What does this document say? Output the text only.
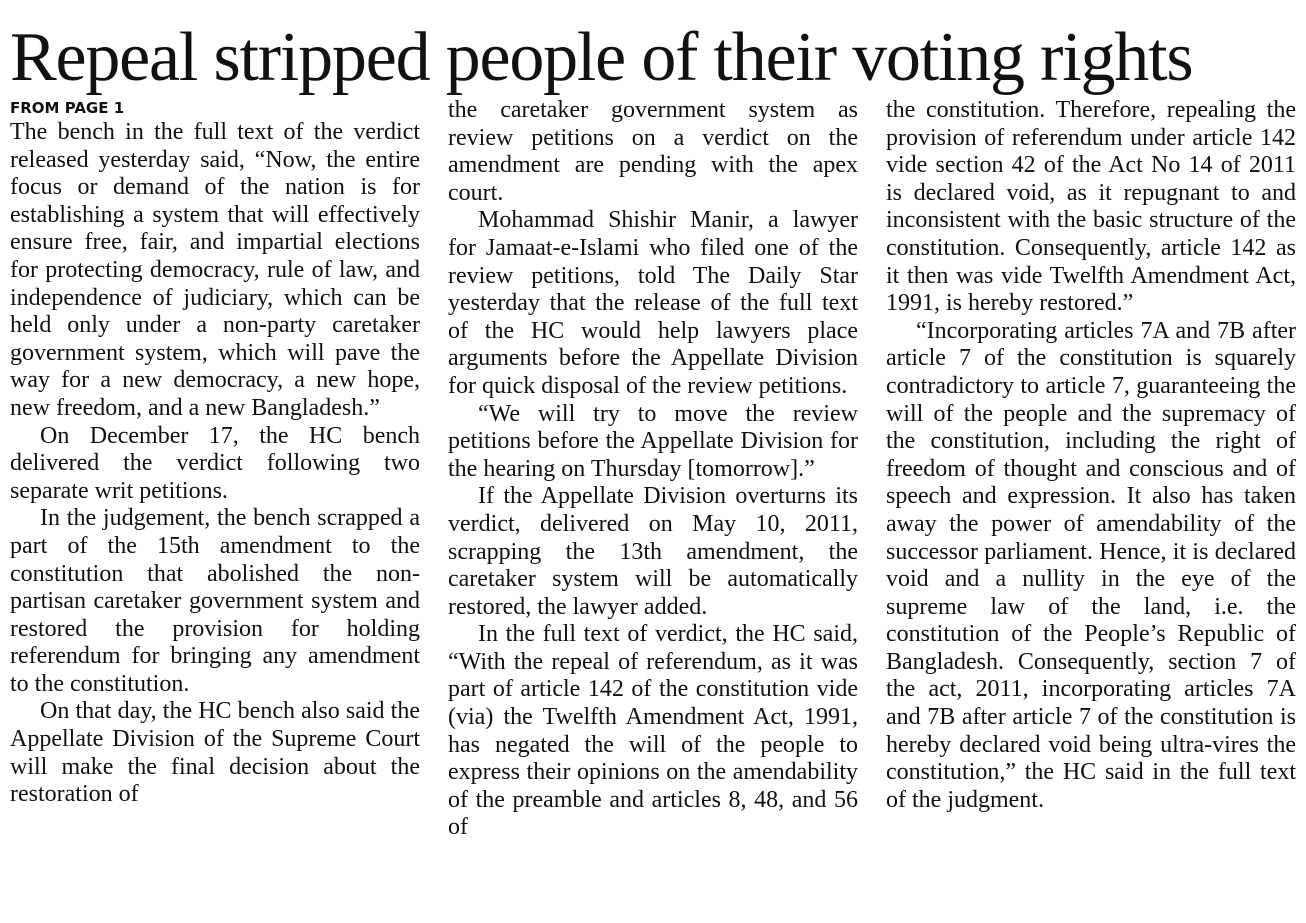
Repeal stripped people of their voting rights
FROM PAGE 1

The bench in the full text of the verdict released yesterday said, “Now, the entire focus or demand of the nation is for establishing a system that will effectively ensure free, fair, and impartial elections for protecting democracy, rule of law, and independence of judiciary, which can be held only under a non-party caretaker government system, which will pave the way for a new democracy, a new hope, new freedom, and a new Bangladesh.”

On December 17, the HC bench delivered the verdict following two separate writ petitions.

In the judgement, the bench scrapped a part of the 15th amendment to the constitution that abolished the non-partisan caretaker government system and restored the provision for holding referendum for bringing any amendment to the constitution.

On that day, the HC bench also said the Appellate Division of the Supreme Court will make the final decision about the restoration of

the caretaker government system as review petitions on a verdict on the amendment are pending with the apex court.

Mohammad Shishir Manir, a lawyer for Jamaat-e-Islami who filed one of the review petitions, told The Daily Star yesterday that the release of the full text of the HC would help lawyers place arguments before the Appellate Division for quick disposal of the review petitions.

“We will try to move the review petitions before the Appellate Division for the hearing on Thursday [tomorrow].”

If the Appellate Division overturns its verdict, delivered on May 10, 2011, scrapping the 13th amendment, the caretaker system will be automatically restored, the lawyer added.

In the full text of verdict, the HC said, “With the repeal of referendum, as it was part of article 142 of the constitution vide (via) the Twelfth Amendment Act, 1991, has negated the will of the people to express their opinions on the amendability of the preamble and articles 8, 48, and 56 of

the constitution. Therefore, repealing the provision of referendum under article 142 vide section 42 of the Act No 14 of 2011 is declared void, as it repugnant to and inconsistent with the basic structure of the constitution. Consequently, article 142 as it then was vide Twelfth Amendment Act, 1991, is hereby restored.”

“Incorporating articles 7A and 7B after article 7 of the constitution is squarely contradictory to article 7, guaranteeing the will of the people and the supremacy of the constitution, including the right of freedom of thought and conscious and of speech and expression. It also has taken away the power of amendability of the successor parliament. Hence, it is declared void and a nullity in the eye of the supreme law of the land, i.e. the constitution of the People’s Republic of Bangladesh. Consequently, section 7 of the act, 2011, incorporating articles 7A and 7B after article 7 of the constitution is hereby declared void being ultra-vires the constitution,” the HC said in the full text of the judgment.
